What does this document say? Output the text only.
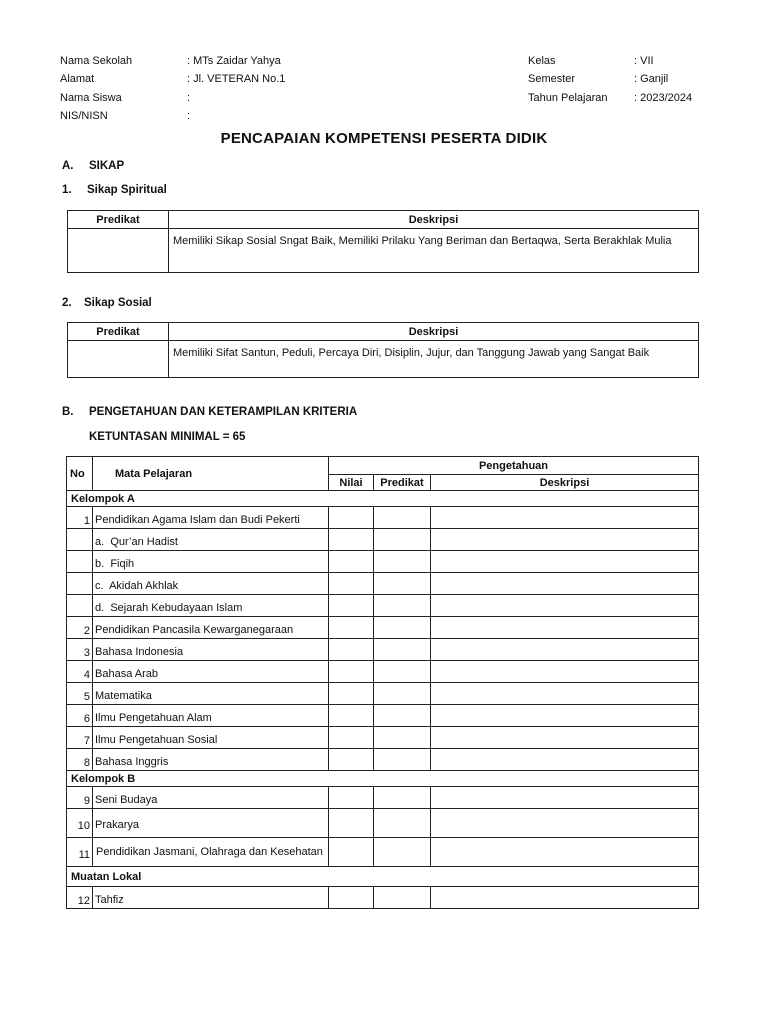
Nama Sekolah	: MTs Zaidar Yahya
Alamat	: Jl. VETERAN No.1
Nama Siswa	:
NIS/NISN	:
Kelas	: VII
Semester	: Ganjil
Tahun Pelajaran : 2023/2024
PENCAPAIAN KOMPETENSI PESERTA DIDIK
A. SIKAP
1. Sikap Spiritual
Predikat	Deskripsi
	Memiliki Sikap Sosial Sngat Baik, Memiliki Prilaku Yang Beriman dan Bertaqwa, Serta Berakhlak Mulia
2. Sikap Sosial
Predikat	Deskripsi
	Memiliki Sifat Santun, Peduli, Percaya Diri, Disiplin, Jujur, dan Tanggung Jawab yang Sangat Baik
B. PENGETAHUAN DAN KETERAMPILAN KRITERIA
KETUNTASAN MINIMAL = 65
No	Mata Pelajaran	Pengetahuan		
		Nilai	Predikat	Deskripsi
Kelompok A				
1	Pendidikan Agama Islam dan Budi Pekerti			
	a. Qur’an Hadist			
	b. Fiqih			
	c. Akidah Akhlak			
	d. Sejarah Kebudayaan Islam			
2	Pendidikan Pancasila Kewarganegaraan			
3	Bahasa Indonesia			
4	Bahasa Arab			
5	Matematika			
6	Ilmu Pengetahuan Alam			
7	Ilmu Pengetahuan Sosial			
8	Bahasa Inggris			
Kelompok B				
9	Seni Budaya			
10	Prakarya			
11	Pendidikan Jasmani, Olahraga dan Kesehatan			
Muatan Lokal				
12	Tahfiz			
